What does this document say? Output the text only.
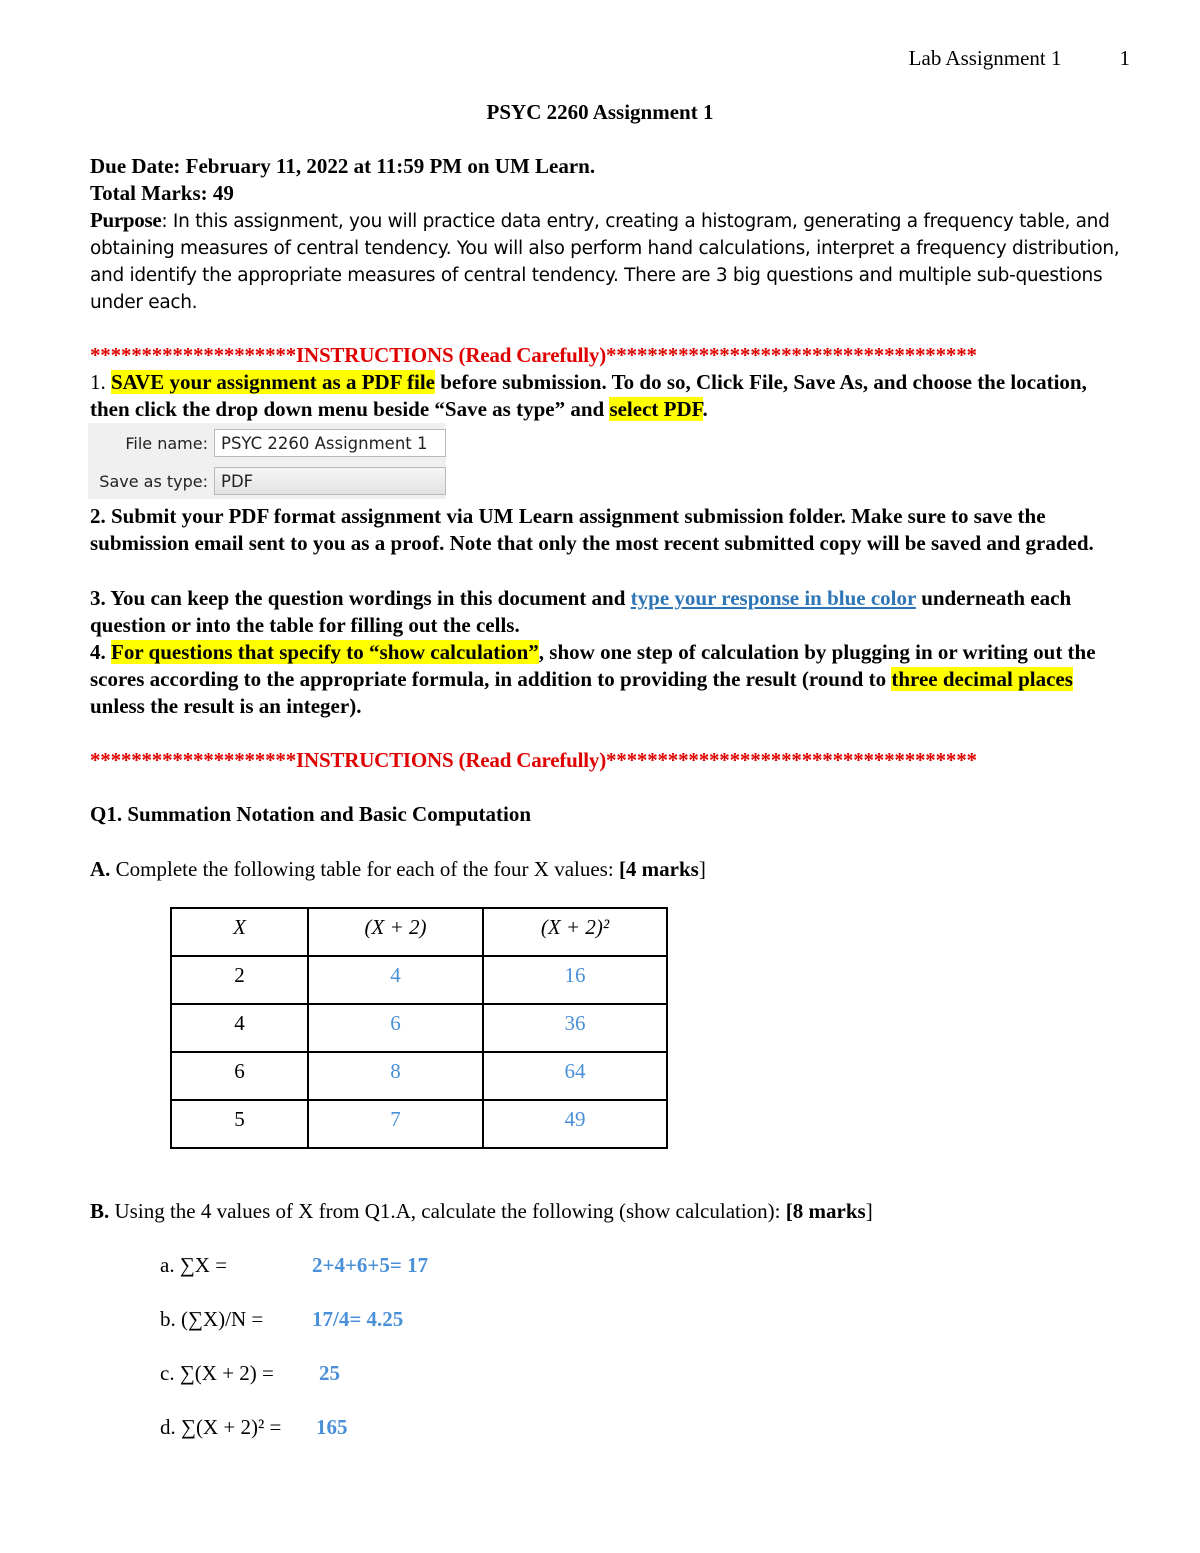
Lab Assignment 1	1
PSYC 2260 Assignment 1
Due Date: February 11, 2022 at 11:59 PM on UM Learn.
Total Marks: 49
Purpose: In this assignment, you will practice data entry, creating a histogram, generating a frequency table, and obtaining measures of central tendency. You will also perform hand calculations, interpret a frequency distribution, and identify the appropriate measures of central tendency. There are 3 big questions and multiple sub-questions under each.
********************INSTRUCTIONS (Read Carefully)************************************
1. SAVE your assignment as a PDF file before submission. To do so, Click File, Save As, and choose the location, then click the drop down menu beside “Save as type” and select PDF.
File name: PSYC 2260 Assignment 1
Save as type: PDF
2. Submit your PDF format assignment via UM Learn assignment submission folder. Make sure to save the submission email sent to you as a proof. Note that only the most recent submitted copy will be saved and graded.
3. You can keep the question wordings in this document and type your response in blue color underneath each question or into the table for filling out the cells.
4. For questions that specify to “show calculation”, show one step of calculation by plugging in or writing out the scores according to the appropriate formula, in addition to providing the result (round to three decimal places unless the result is an integer).
********************INSTRUCTIONS (Read Carefully)************************************
Q1. Summation Notation and Basic Computation
A. Complete the following table for each of the four X values: [4 marks]
X	(X + 2)	(X + 2)²
2	4	16
4	6	36
6	8	64
5	7	49
B. Using the 4 values of X from Q1.A, calculate the following (show calculation): [8 marks]
a. ∑X =	2+4+6+5= 17
b. (∑X)/N = 17/4= 4.25
c. ∑(X + 2) = 25
d. ∑(X + 2)² = 165
